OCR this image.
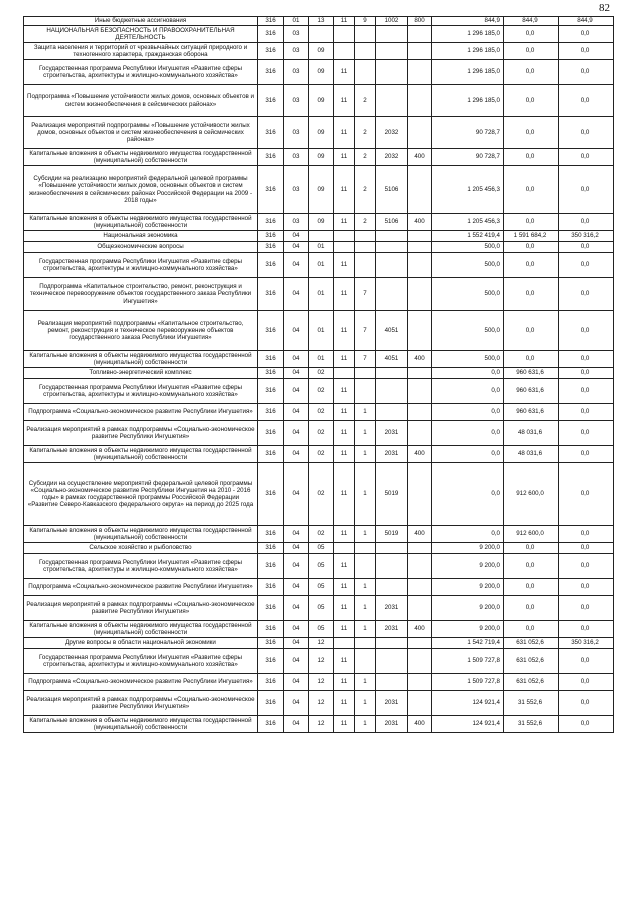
82
Иные бюджетные ассигнования	316	01	13	11	9	1002	800	844,9	844,9	844,9
НАЦИОНАЛЬНАЯ БЕЗОПАСНОСТЬ И ПРАВООХРАНИТЕЛЬНАЯ ДЕЯТЕЛЬНОСТЬ	316	03						1 296 185,0	0,0	0,0
Защита населения и территорий от чрезвычайных ситуаций природного и техногенного характера, гражданская оборона	316	03	09					1 296 185,0	0,0	0,0
Государственная программа Республики Ингушетия «Развитие сферы строительства, архитектуры и жилищно-коммунального хозяйства»	316	03	09	11				1 296 185,0	0,0	0,0
Подпрограмма «Повышение устойчивости жилых домов, основных объектов и систем жизнеобеспечения в сейсмических районах»	316	03	09	11	2			1 296 185,0	0,0	0,0
Реализация мероприятий подпрограммы «Повышение устойчивости жилых домов, основных объектов и систем жизнеобеспечения в сейсмических районах»	316	03	09	11	2	2032		90 728,7	0,0	0,0
Капитальные вложения в объекты недвижимого имущества государственной (муниципальной) собственности	316	03	09	11	2	2032	400	90 728,7	0,0	0,0
Субсидии на реализацию мероприятий федеральной целевой программы «Повышение устойчивости жилых домов, основных объектов и систем жизнеобеспечения в сейсмических районах Российской Федерации на 2009 - 2018 годы»	316	03	09	11	2	5106		1 205 456,3	0,0	0,0
Капитальные вложения в объекты недвижимого имущества государственной (муниципальной) собственности	316	03	09	11	2	5106	400	1 205 456,3	0,0	0,0
Национальная экономика	316	04						1 552 419,4	1 591 684,2	350 316,2
Общеэкономические вопросы	316	04	01					500,0	0,0	0,0
Государственная программа Республики Ингушетия «Развитие сферы строительства, архитектуры и жилищно-коммунального хозяйства»	316	04	01	11				500,0	0,0	0,0
Подпрограмма «Капитальное строительство, ремонт, реконструкция и техническое перевооружение объектов государственного заказа Республики Ингушетия»	316	04	01	11	7			500,0	0,0	0,0
Реализация мероприятий подпрограммы «Капитальное строительство, ремонт, реконструкция и техническое перевооружение объектов государственного заказа Республики Ингушетия»	316	04	01	11	7	4051		500,0	0,0	0,0
Капитальные вложения в объекты недвижимого имущества государственной (муниципальной) собственности	316	04	01	11	7	4051	400	500,0	0,0	0,0
Топливно-энергетический комплекс	316	04	02					0,0	960 631,6	0,0
Государственная программа Республики Ингушетия «Развитие сферы строительства, архитектуры и жилищно-коммунального хозяйства»	316	04	02	11				0,0	960 631,6	0,0
Подпрограмма «Социально-экономическое развитие Республики Ингушетия»	316	04	02	11	1			0,0	960 631,6	0,0
Реализация мероприятий в рамках подпрограммы «Социально-экономическое развитие Республики Ингушетия»	316	04	02	11	1	2031		0,0	48 031,6	0,0
Капитальные вложения в объекты недвижимого имущества государственной (муниципальной) собственности	316	04	02	11	1	2031	400	0,0	48 031,6	0,0
Субсидии на осуществление мероприятий федеральной целевой программы «Социально-экономическое развитие Республики Ингушетия на 2010 - 2016 годы» в рамках государственной программы Российской Федерации «Развитие Северо-Кавказского федерального округа» на период до 2025 года	316	04	02	11	1	5019		0,0	912 600,0	0,0
Капитальные вложения в объекты недвижимого имущества государственной (муниципальной) собственности	316	04	02	11	1	5019	400	0,0	912 600,0	0,0
Сельское хозяйство и рыболовство	316	04	05					9 200,0	0,0	0,0
Государственная программа Республики Ингушетия «Развитие сферы строительства, архитектуры и жилищно-коммунального хозяйства»	316	04	05	11				9 200,0	0,0	0,0
Подпрограмма «Социально-экономическое развитие Республики Ингушетия»	316	04	05	11	1			9 200,0	0,0	0,0
Реализация мероприятий в рамках подпрограммы «Социально-экономическое развитие Республики Ингушетия»	316	04	05	11	1	2031		9 200,0	0,0	0,0
Капитальные вложения в объекты недвижимого имущества государственной (муниципальной) собственности	316	04	05	11	1	2031	400	9 200,0	0,0	0,0
Другие вопросы в области национальной экономики	316	04	12					1 542 719,4	631 052,6	350 316,2
Государственная программа Республики Ингушетия «Развитие сферы строительства, архитектуры и жилищно-коммунального хозяйства»	316	04	12	11				1 509 727,8	631 052,6	0,0
Подпрограмма «Социально-экономическое развитие Республики Ингушетия»	316	04	12	11	1			1 509 727,8	631 052,6	0,0
Реализация мероприятий в рамках подпрограммы «Социально-экономическое развитие Республики Ингушетия»	316	04	12	11	1	2031		124 921,4	31 552,6	0,0
Капитальные вложения в объекты недвижимого имущества государственной (муниципальной) собственности	316	04	12	11	1	2031	400	124 921,4	31 552,6	0,0
